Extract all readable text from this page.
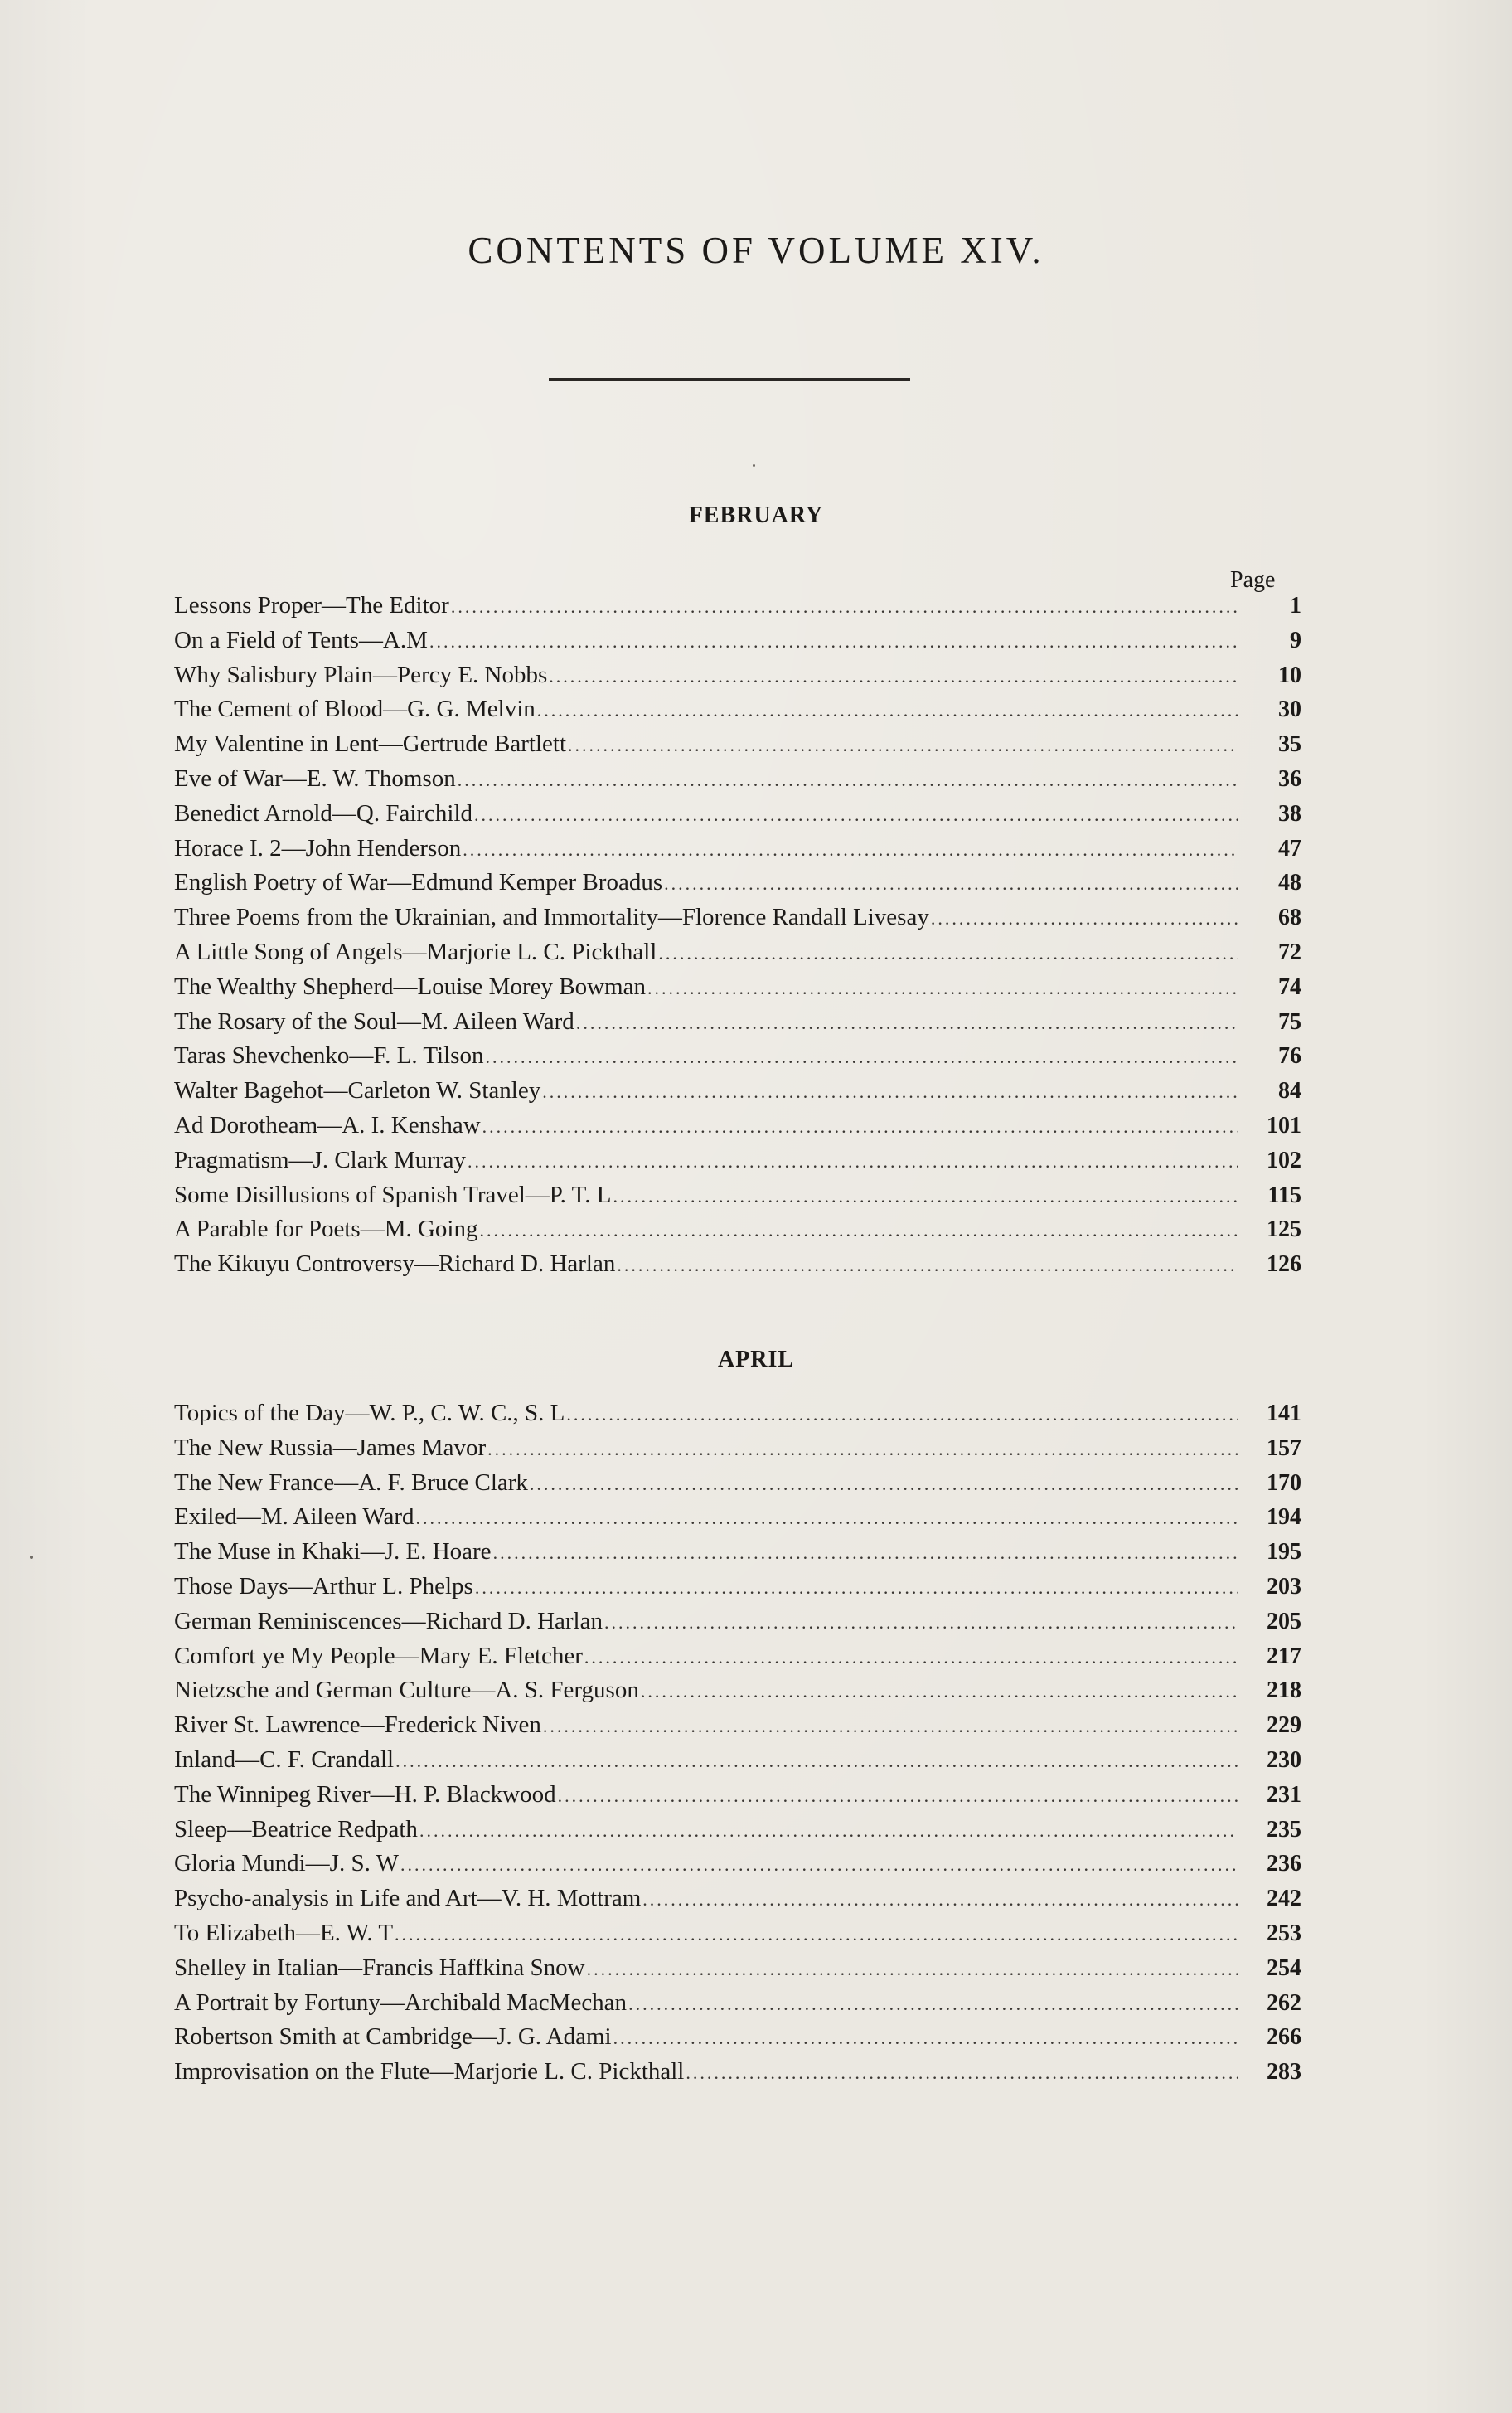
CONTENTS OF VOLUME XIV.
FEBRUARY
Page
Lessons Proper—The Editor .....	1
On a Field of Tents—A.M .....	9
Why Salisbury Plain—Percy E. Nobbs .....	10
The Cement of Blood—G. G. Melvin .....	30
My Valentine in Lent—Gertrude Bartlett .....	35
Eve of War—E. W. Thomson .....	36
Benedict Arnold—Q. Fairchild .....	38
Horace I. 2—John Henderson .....	47
English Poetry of War—Edmund Kemper Broadus .....	48
Three Poems from the Ukrainian, and Immortality—Florence Randall Livesay .....	68
A Little Song of Angels—Marjorie L. C. Pickthall .....	72
The Wealthy Shepherd—Louise Morey Bowman .....	74
The Rosary of the Soul—M. Aileen Ward .....	75
Taras Shevchenko—F. L. Tilson .....	76
Walter Bagehot—Carleton W. Stanley .....	84
Ad Dorotheam—A. I. Kenshaw .....	101
Pragmatism—J. Clark Murray .....	102
Some Disillusions of Spanish Travel—P. T. L .....	115
A Parable for Poets—M. Going .....	125
The Kikuyu Controversy—Richard D. Harlan .....	126
APRIL
Topics of the Day—W. P., C. W. C., S. L .....	141
The New Russia—James Mavor .....	157
The New France—A. F. Bruce Clark .....	170
Exiled—M. Aileen Ward .....	194
The Muse in Khaki—J. E. Hoare .....	195
Those Days—Arthur L. Phelps .....	203
German Reminiscences—Richard D. Harlan .....	205
Comfort ye My People—Mary E. Fletcher .....	217
Nietzsche and German Culture—A. S. Ferguson .....	218
River St. Lawrence—Frederick Niven .....	229
Inland—C. F. Crandall .....	230
The Winnipeg River—H. P. Blackwood .....	231
Sleep—Beatrice Redpath .....	235
Gloria Mundi—J. S. W .....	236
Psycho-analysis in Life and Art—V. H. Mottram .....	242
To Elizabeth—E. W. T .....	253
Shelley in Italian—Francis Haffkina Snow .....	254
A Portrait by Fortuny—Archibald MacMechan .....	262
Robertson Smith at Cambridge—J. G. Adami .....	266
Improvisation on the Flute—Marjorie L. C. Pickthall .....	283
